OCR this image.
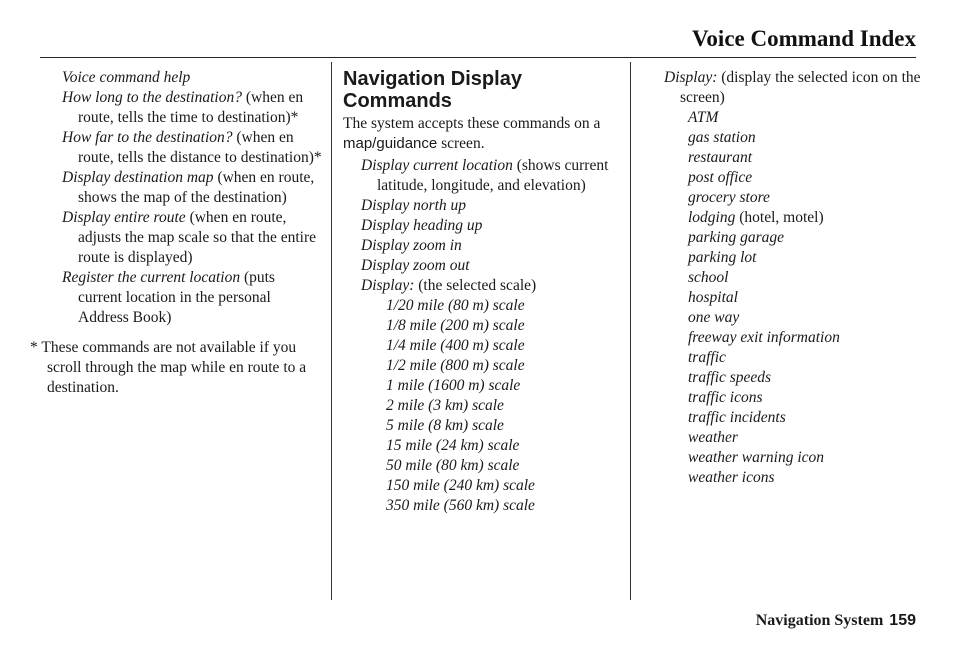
Voice Command Index
Voice command help
How long to the destination? (when en route, tells the time to destination)*
How far to the destination? (when en route, tells the distance to destination)*
Display destination map (when en route, shows the map of the destination)
Display entire route (when en route, adjusts the map scale so that the entire route is displayed)
Register the current location (puts current location in the personal Address Book)
* These commands are not available if you scroll through the map while en route to a destination.
Navigation Display Commands
The system accepts these commands on a map/guidance screen.
Display current location (shows current latitude, longitude, and elevation)
Display north up
Display heading up
Display zoom in
Display zoom out
Display: (the selected scale)
1/20 mile (80 m) scale
1/8 mile (200 m) scale
1/4 mile (400 m) scale
1/2 mile (800 m) scale
1 mile (1600 m) scale
2 mile (3 km) scale
5 mile (8 km) scale
15 mile (24 km) scale
50 mile (80 km) scale
150 mile (240 km) scale
350 mile (560 km) scale
Display: (display the selected icon on the screen)
ATM
gas station
restaurant
post office
grocery store
lodging (hotel, motel)
parking garage
parking lot
school
hospital
one way
freeway exit information
traffic
traffic speeds
traffic icons
traffic incidents
weather
weather warning icon
weather icons
Navigation System 159
